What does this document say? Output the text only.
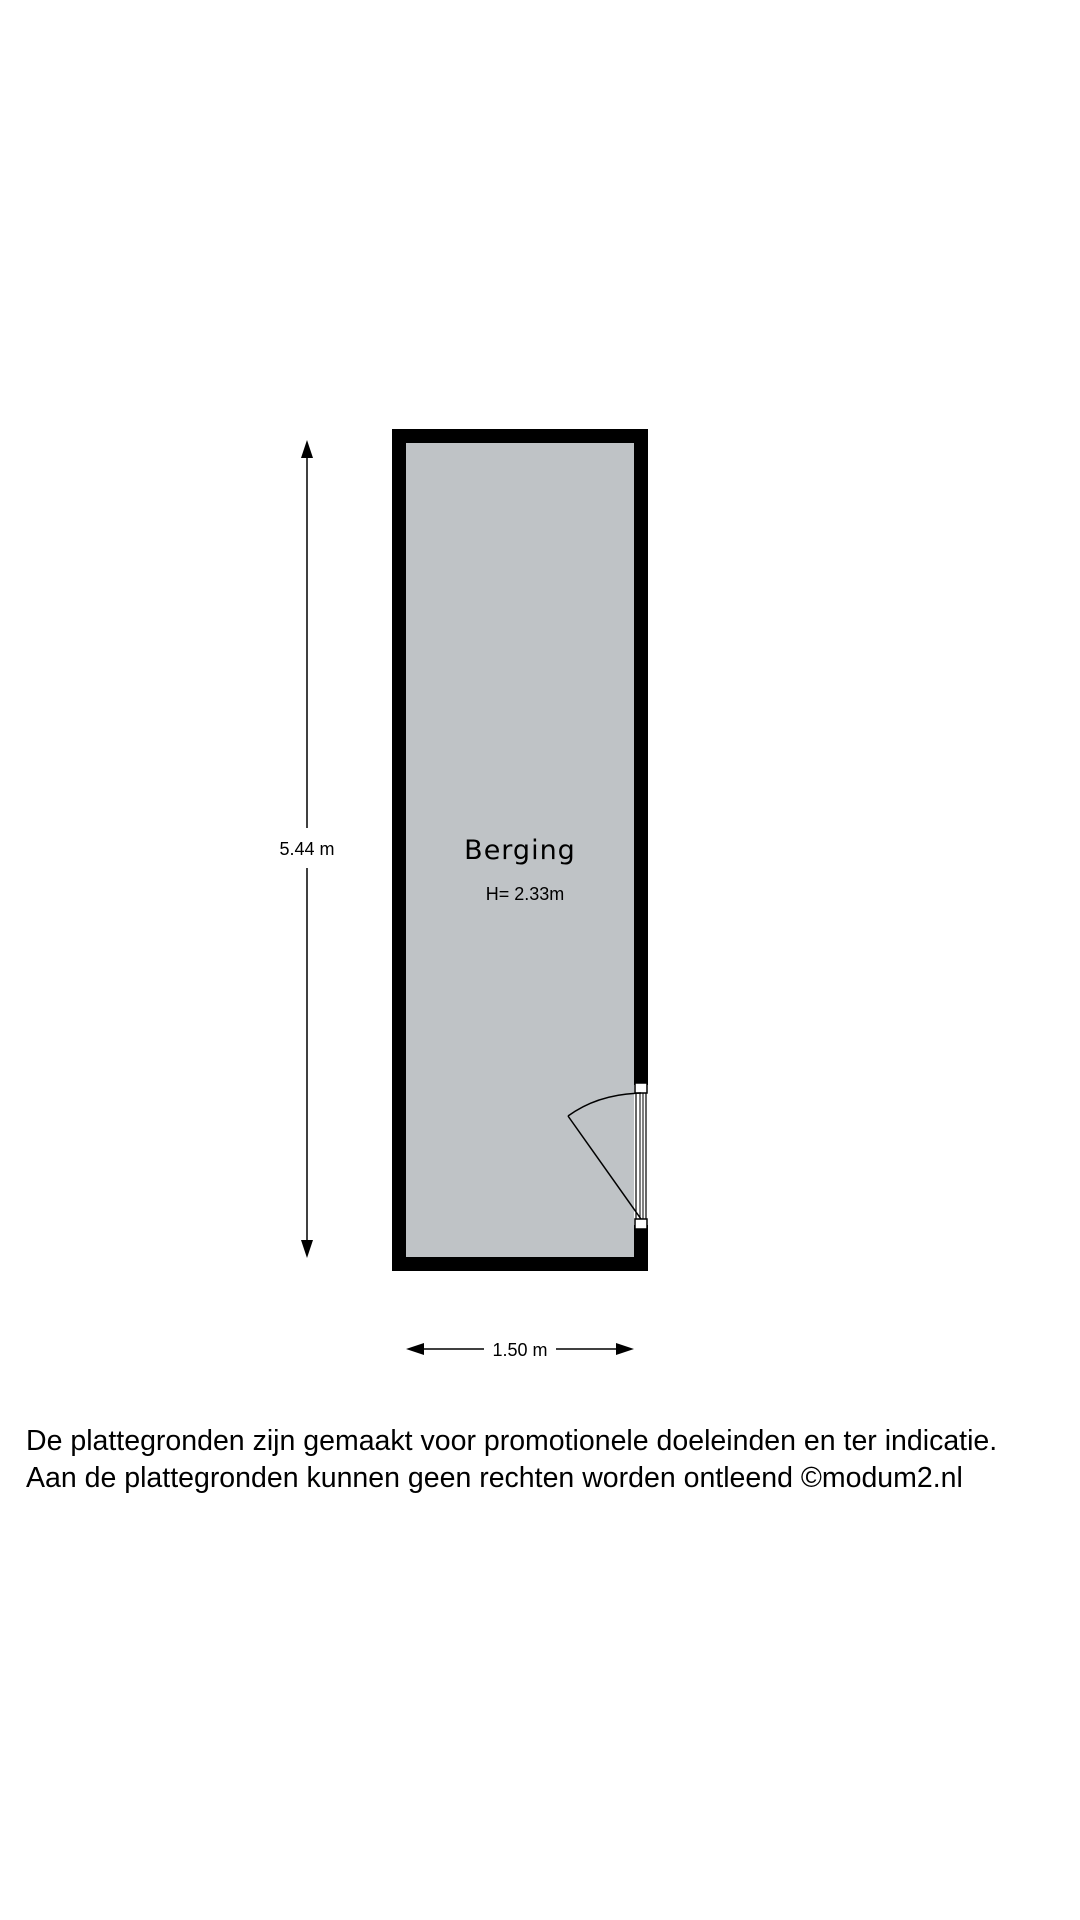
5.44 m
1.50 m
Berging
H= 2.33m

De plattegronden zijn gemaakt voor promotionele doeleinden en ter indicatie.
Aan de plattegronden kunnen geen rechten worden ontleend ©modum2.nl
